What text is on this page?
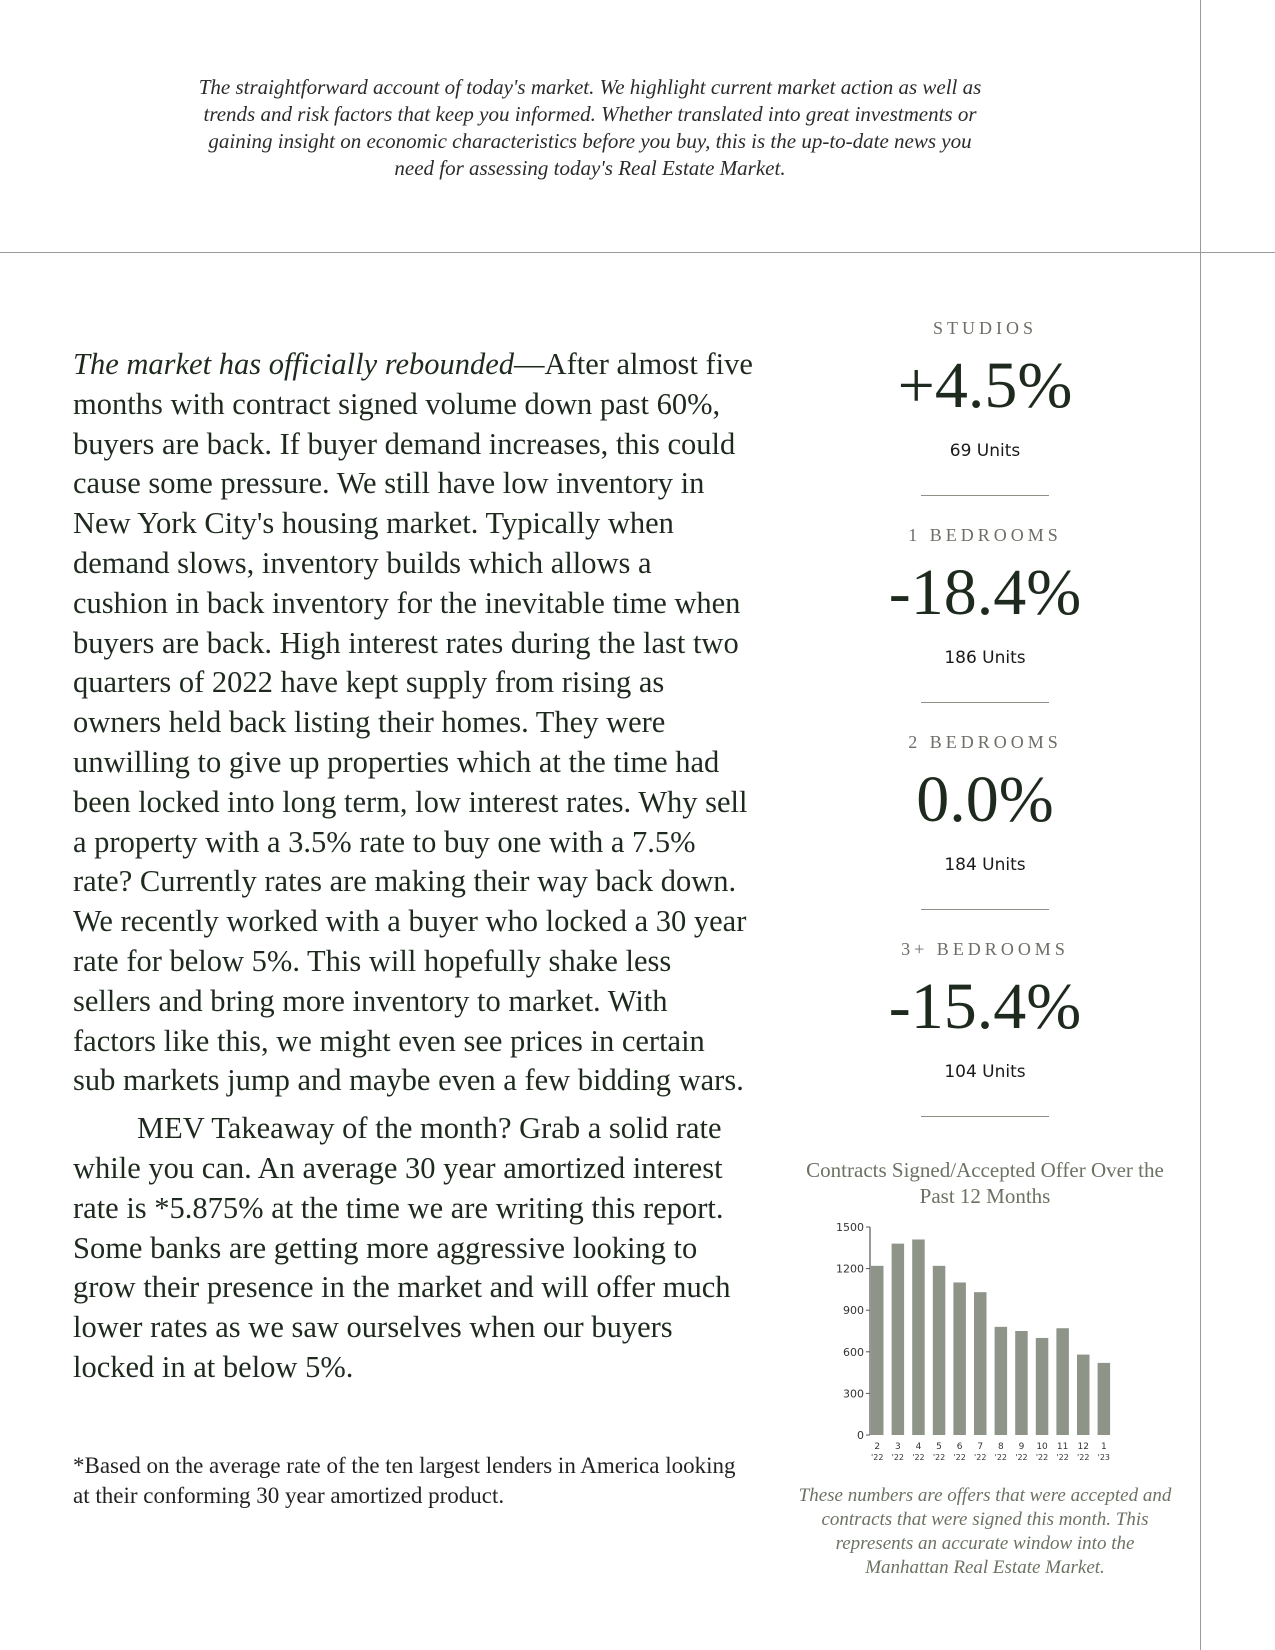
The straightforward account of today's market. We highlight current market action as well as trends and risk factors that keep you informed. Whether translated into great investments or gaining insight on economic characteristics before you buy, this is the up-to-date news you need for assessing today's Real Estate Market.

The market has officially rebounded—After almost five months with contract signed volume down past 60%, buyers are back. If buyer demand increases, this could cause some pressure. We still have low inventory in New York City's housing market. Typically when demand slows, inventory builds which allows a cushion in back inventory for the inevitable time when buyers are back. High interest rates during the last two quarters of 2022 have kept supply from rising as owners held back listing their homes. They were unwilling to give up properties which at the time had been locked into long term, low interest rates. Why sell a property with a 3.5% rate to buy one with a 7.5% rate? Currently rates are making their way back down. We recently worked with a buyer who locked a 30 year rate for below 5%. This will hopefully shake less sellers and bring more inventory to market. With factors like this, we might even see prices in certain sub markets jump and maybe even a few bidding wars.

MEV Takeaway of the month? Grab a solid rate while you can. An average 30 year amortized interest rate is *5.875% at the time we are writing this report. Some banks are getting more aggressive looking to grow their presence in the market and will offer much lower rates as we saw ourselves when our buyers locked in at below 5%.

*Based on the average rate of the ten largest lenders in America looking at their conforming 30 year amortized product.
STUDIOS
+4.5%
69 Units
1 BEDROOMS
-18.4%
186 Units
2 BEDROOMS
0.0%
184 Units
3+ BEDROOMS
-15.4%
104 Units
Contracts Signed/Accepted Offer Over the Past 12 Months
0
300
600
900
1200
1500
2
'22
3
'22
4
'22
5
'22
6
'22
7
'22
8
'22
9
'22
10
'22
11
'22
12
'22
1
'23
These numbers are offers that were accepted and contracts that were signed this month. This represents an accurate window into the Manhattan Real Estate Market.
